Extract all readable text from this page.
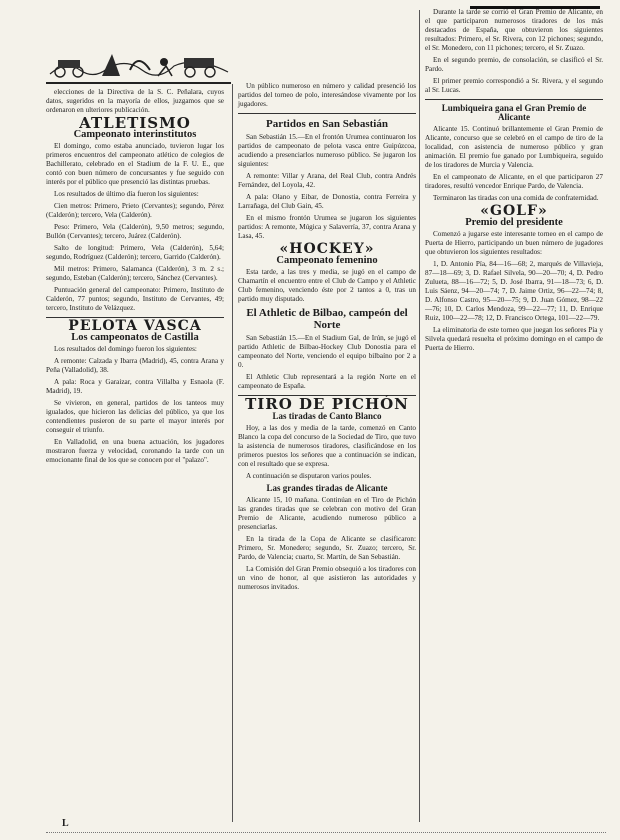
elecciones de la Directiva de la S. C. Peñalara, cuyos datos, sugeridos en la mayoría de ellos, juzgamos que se ordenaron en ulteriores publicación.

ATLETISMO
Campeonato interinstitutos

El domingo, como estaba anunciado, tuvieron lugar los primeros encuentros del campeonato atlético de colegios de Bachillerato, celebrado en el Stadium de la F. U. E., que contó con buen número de concursantes y fue seguido con interés por el público que presenció las distintas pruebas.

Los resultados de último día fueron los siguientes:

Cien metros: Primero, Prieto (Cervantes); segundo, Pérez (Calderón); tercero, Vela (Calderón).

Peso: Primero, Vela (Calderón), 9,50 metros; segundo, Bullón (Cervantes); tercero, Juárez (Calderón).

Salto de longitud: Primero, Vela (Calderón), 5,64; segundo, Rodríguez (Calderón); tercero, Garrido (Calderón).

Mil metros: Primero, Salamanca (Calderón), 3 m. 2 s.; segundo, Esteban (Calderón); tercero, Sánchez (Cervantes).

Puntuación general del campeonato: Primero, Instituto de Calderón, 77 puntos; segundo, Instituto de Cervantes, 49; tercero, Instituto de Velázquez.

PELOTA VASCA
Los campeonatos de Castilla

Los resultados del domingo fueron los siguientes:

A remonte: Calzada y Ibarra (Madrid), 45, contra Arana y Peña (Valladolid), 38.

A pala: Roca y Garaizar, contra Villalba y Esnaola (F. Madrid), 19.

Se vivieron, en general, partidos de los tanteos muy igualados, que hicieron las delicias del público, ya que los contendientes pusieron de su parte el mayor interés por conseguir el triunfo.

En Valladolid, en una buena actuación, los jugadores mostraron fuerza y velocidad, coronando la tarde con un emocionante final de los que se conocen por el "palazo".

Un público numeroso en número y calidad presenció los partidos del torneo de polo, interesándose vivamente por los jugadores.

Partidos en San Sebastián

San Sebastián 15.—En el frontón Urumea continuaron los partidos de campeonato de pelota vasca entre Guipúzcoa, acudiendo a presenciarlos numeroso público. Se jugaron los siguientes:

A remonte: Villar y Arana, del Real Club, contra Andrés Fernández, del Loyola, 42.

A pala: Olano y Eibar, de Donostia, contra Ferreira y Larrañaga, del Club Gain, 45.

En el mismo frontón Urumea se jugaron los siguientes partidos: A remonte, Múgica y Salaverría, 37, contra Arana y Lasa, 45.

«HOCKEY»
Campeonato femenino

Esta tarde, a las tres y media, se jugó en el campo de Chamartín el encuentro entre el Club de Campo y el Athletic Club femenino, venciendo éste por 2 tantos a 0, tras un partido muy disputado.

El Athletic de Bilbao, campeón del Norte

San Sebastián 15.—En el Stadium Gal, de Irún, se jugó el partido Athletic de Bilbao-Hockey Club Donostia para el campeonato del Norte, venciendo el equipo bilbaíno por 2 a 0.

El Athletic Club representará a la región Norte en el campeonato de España.

TIRO DE PICHÓN
Las tiradas de Canto Blanco

Hoy, a las dos y media de la tarde, comenzó en Canto Blanco la copa del concurso de la Sociedad de Tiro, que tuvo la asistencia de numerosos tiradores, clasificándose en los primeros puestos los señores que a continuación se indican, con el resultado que se expresa.

A continuación se disputaron varios poules.

Las grandes tiradas de Alicante

Alicante 15, 10 mañana. Continúan en el Tiro de Pichón las grandes tiradas que se celebran con motivo del Gran Premio de Alicante, acudiendo numeroso público a presenciarlas.

En la tirada de la Copa de Alicante se clasificaron: Primero, Sr. Monedero; segundo, Sr. Zuazo; tercero, Sr. Pardo, de Valencia; cuarto, Sr. Martín, de San Sebastián.

La Comisión del Gran Premio obsequió a los tiradores con un vino de honor, al que asistieron las autoridades y numerosos invitados.

Durante la tarde se corrió el Gran Premio de Alicante, en el que participaron numerosos tiradores de los más destacados de España, que obtuvieron los siguientes resultados: Primero, el Sr. Rivera, con 12 pichones; segundo, el Sr. Monedero, con 11 pichones; tercero, el Sr. Zuazo.

En el segundo premio, de consolación, se clasificó el Sr. Pardo.

El primer premio correspondió a Sr. Rivera, y el segundo al Sr. Lucas.

Lumbiqueira gana el Gran Premio de Alicante

Alicante 15. Continuó brillantemente el Gran Premio de Alicante, concurso que se celebró en el campo de tiro de la localidad, con asistencia de numeroso público y gran animación. El premio fue ganado por Lumbiqueira, seguido de los tiradores de Murcia y Valencia.

En el campeonato de Alicante, en el que participaron 27 tiradores, resultó vencedor Enrique Pardo, de Valencia.

Terminaron las tiradas con una comida de confraternidad.

«GOLF»
Premio del presidente

Comenzó a jugarse este interesante torneo en el campo de Puerta de Hierro, participando un buen número de jugadores que obtuvieron los siguientes resultados:

1, D. Antonio Pía, 84—16—68; 2, marqués de Villavieja, 87—18—69; 3, D. Rafael Silvela, 90—20—70; 4, D. Pedro Zulueta, 88—16—72; 5, D. José Ibarra, 91—18—73; 6, D. Luis Sáenz, 94—20—74; 7, D. Jaime Ortiz, 96—22—74; 8, D. Alfonso Castro, 95—20—75; 9, D. Juan Gómez, 98—22—76; 10, D. Carlos Mendoza, 99—22—77; 11, D. Enrique Ruiz, 100—22—78; 12, D. Francisco Ortega, 101—22—79.

La eliminatoria de este torneo que juegan los señores Pía y Silvela quedará resuelta el próximo domingo en el campo de Puerta de Hierro.

L
